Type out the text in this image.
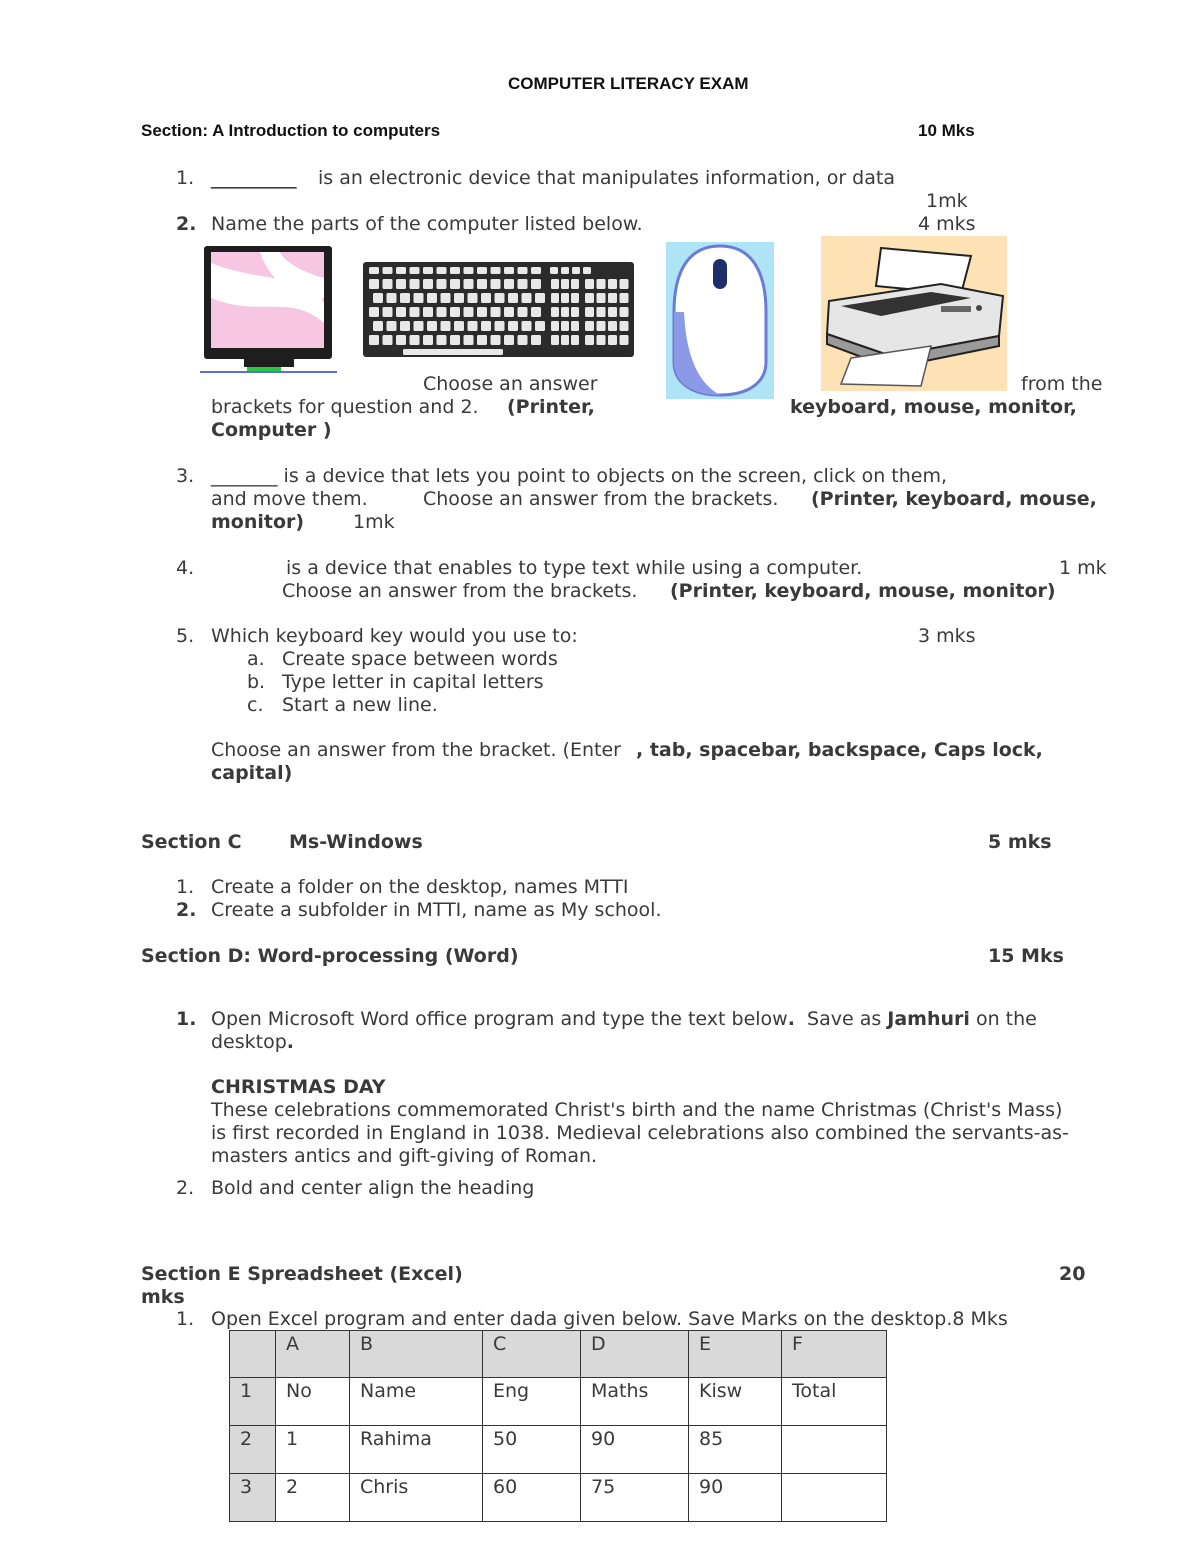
COMPUTER LITERACY EXAM
Section: A Introduction to computers	10 Mks
1. _________ is an electronic device that manipulates information, or data
1mk
2. Name the parts of the computer listed below.	4 mks
Choose an answer	from the
brackets for question and 2. (Printer,	keyboard, mouse, monitor,
Computer )
3. _______ is a device that lets you point to objects on the screen, click on them,
and move them.	Choose an answer from the brackets. (Printer, keyboard, mouse,
monitor)	1mk
4.	is a device that enables to type text while using a computer.	1 mk
Choose an answer from the brackets. (Printer, keyboard, mouse, monitor)
5. Which keyboard key would you use to:	3 mks
a. Create space between words
b. Type letter in capital letters
c. Start a new line.
Choose an answer from the bracket. (Enter , tab, spacebar, backspace, Caps lock,
capital)
Section C Ms-Windows	5 mks
1. Create a folder on the desktop, names MTTI
2. Create a subfolder in MTTI, name as My school.
Section D: Word-processing (Word)	15 Mks
1. Open Microsoft Word office program and type the text below. Save as Jamhuri on the
desktop.
CHRISTMAS DAY
These celebrations commemorated Christ's birth and the name Christmas (Christ's Mass)
is first recorded in England in 1038. Medieval celebrations also combined the servants-as-
masters antics and gift-giving of Roman.
2. Bold and center align the heading
Section E Spreadsheet (Excel)	20
mks
1. Open Excel program and enter dada given below. Save Marks on the desktop.8 Mks
	A	B	C	D	E	F
1	No	Name	Eng	Maths	Kisw	Total
2	1	Rahima	50	90	85	
3	2	Chris	60	75	90	
